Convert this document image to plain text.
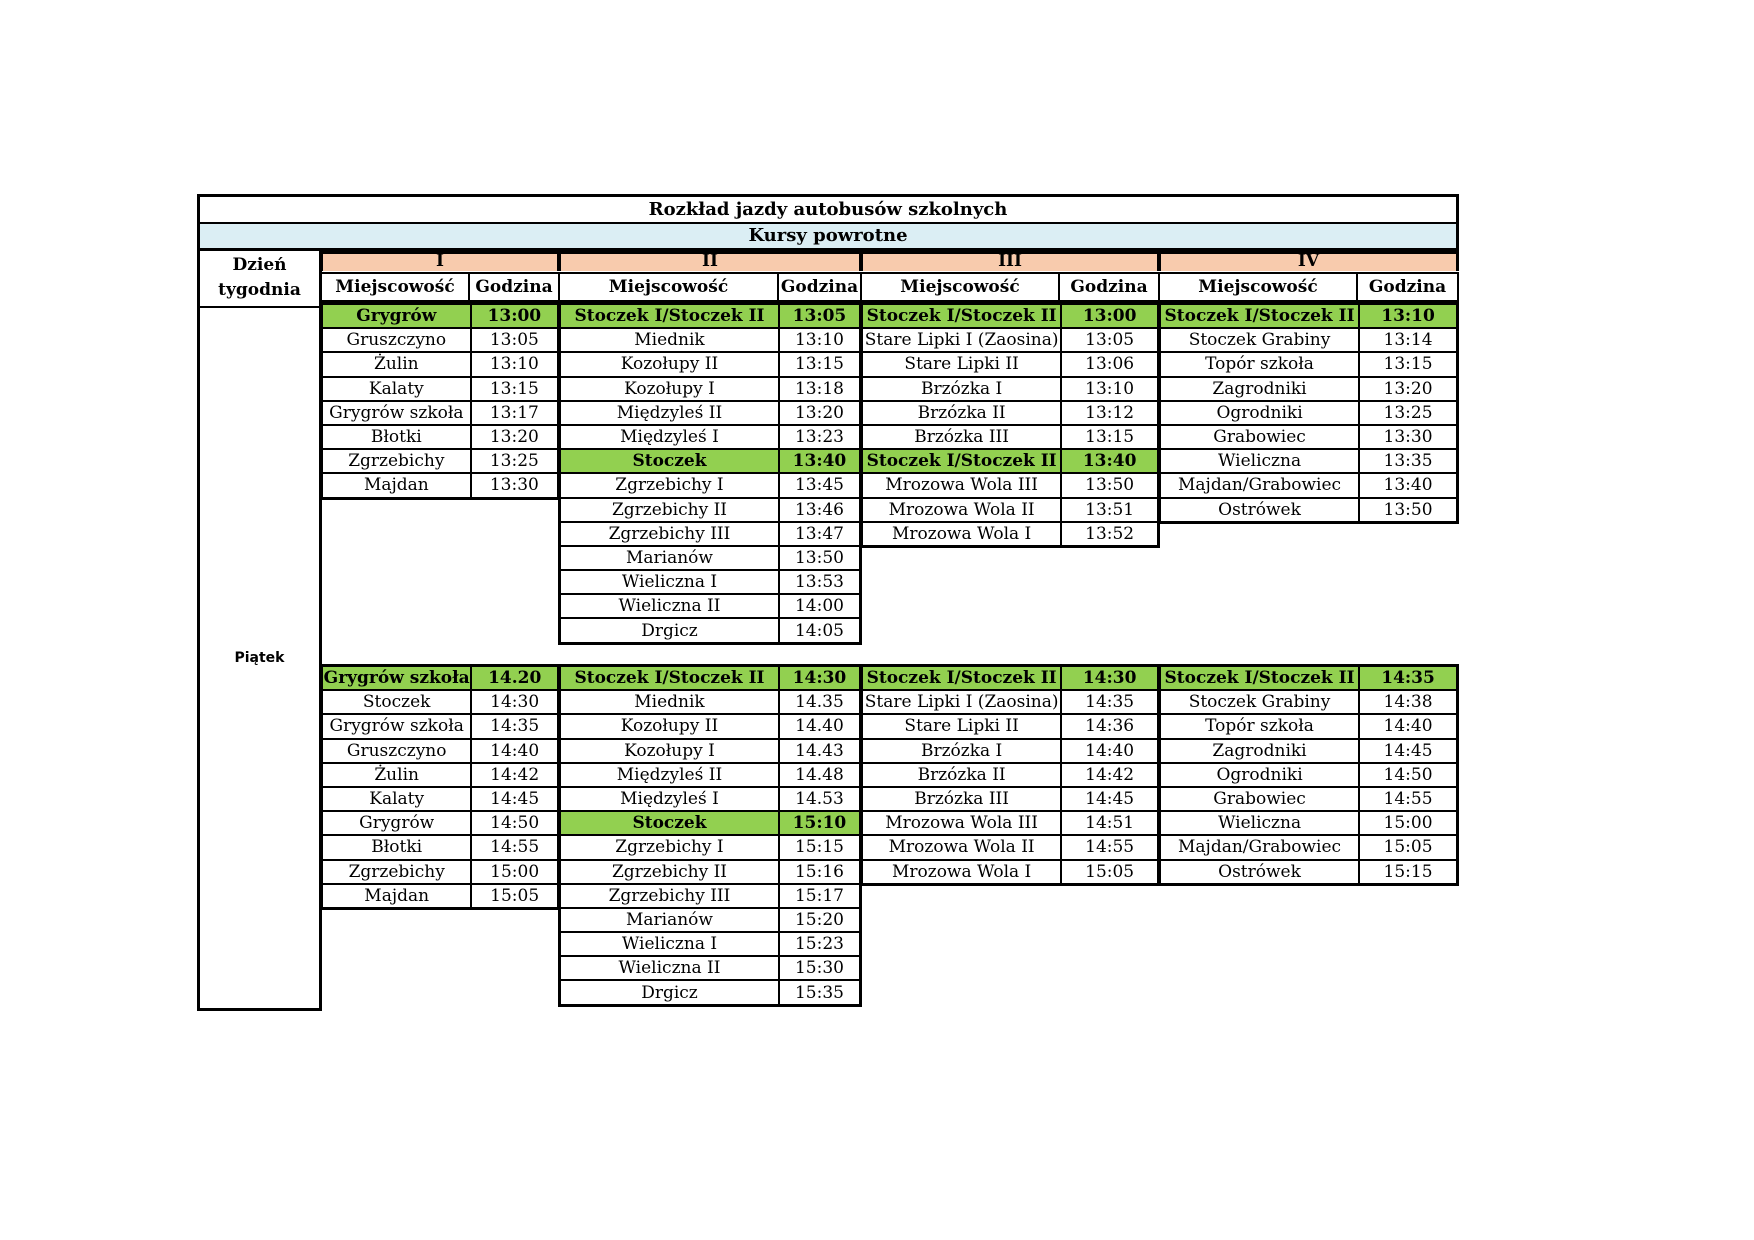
Rozkład jazdy autobusów szkolnych
Kursy powrotne
Dzień tygodnia
Piątek
I
Miejscowość	Godzina
Grygrów	13:00
Gruszczyno	13:05
Żulin	13:10
Kalaty	13:15
Grygrów szkoła	13:17
Błotki	13:20
Zgrzebichy	13:25
Majdan	13:30
Grygrów szkoła	14.20
Stoczek	14:30
Grygrów szkoła	14:35
Gruszczyno	14:40
Żulin	14:42
Kalaty	14:45
Grygrów	14:50
Błotki	14:55
Zgrzebichy	15:00
Majdan	15:05
II
Miejscowość	Godzina
Stoczek I/Stoczek II	13:05
Miednik	13:10
Kozołupy II	13:15
Kozołupy I	13:18
Międzyleś II	13:20
Międzyleś I	13:23
Stoczek	13:40
Zgrzebichy I	13:45
Zgrzebichy II	13:46
Zgrzebichy III	13:47
Marianów	13:50
Wieliczna I	13:53
Wieliczna II	14:00
Drgicz	14:05
Stoczek I/Stoczek II	14:30
Miednik	14.35
Kozołupy II	14.40
Kozołupy I	14.43
Międzyleś II	14.48
Międzyleś I	14.53
Stoczek	15:10
Zgrzebichy I	15:15
Zgrzebichy II	15:16
Zgrzebichy III	15:17
Marianów	15:20
Wieliczna I	15:23
Wieliczna II	15:30
Drgicz	15:35
III
Miejscowość	Godzina
Stoczek I/Stoczek II	13:00
Stare Lipki I (Zaosina)	13:05
Stare Lipki II	13:06
Brzózka I	13:10
Brzózka II	13:12
Brzózka III	13:15
Stoczek I/Stoczek II	13:40
Mrozowa Wola III	13:50
Mrozowa Wola II	13:51
Mrozowa Wola I	13:52
Stoczek I/Stoczek II	14:30
Stare Lipki I (Zaosina)	14:35
Stare Lipki II	14:36
Brzózka I	14:40
Brzózka II	14:42
Brzózka III	14:45
Mrozowa Wola III	14:51
Mrozowa Wola II	14:55
Mrozowa Wola I	15:05
IV
Miejscowość	Godzina
Stoczek I/Stoczek II	13:10
Stoczek Grabiny	13:14
Topór szkoła	13:15
Zagrodniki	13:20
Ogrodniki	13:25
Grabowiec	13:30
Wieliczna	13:35
Majdan/Grabowiec	13:40
Ostrówek	13:50
Stoczek I/Stoczek II	14:35
Stoczek Grabiny	14:38
Topór szkoła	14:40
Zagrodniki	14:45
Ogrodniki	14:50
Grabowiec	14:55
Wieliczna	15:00
Majdan/Grabowiec	15:05
Ostrówek	15:15
